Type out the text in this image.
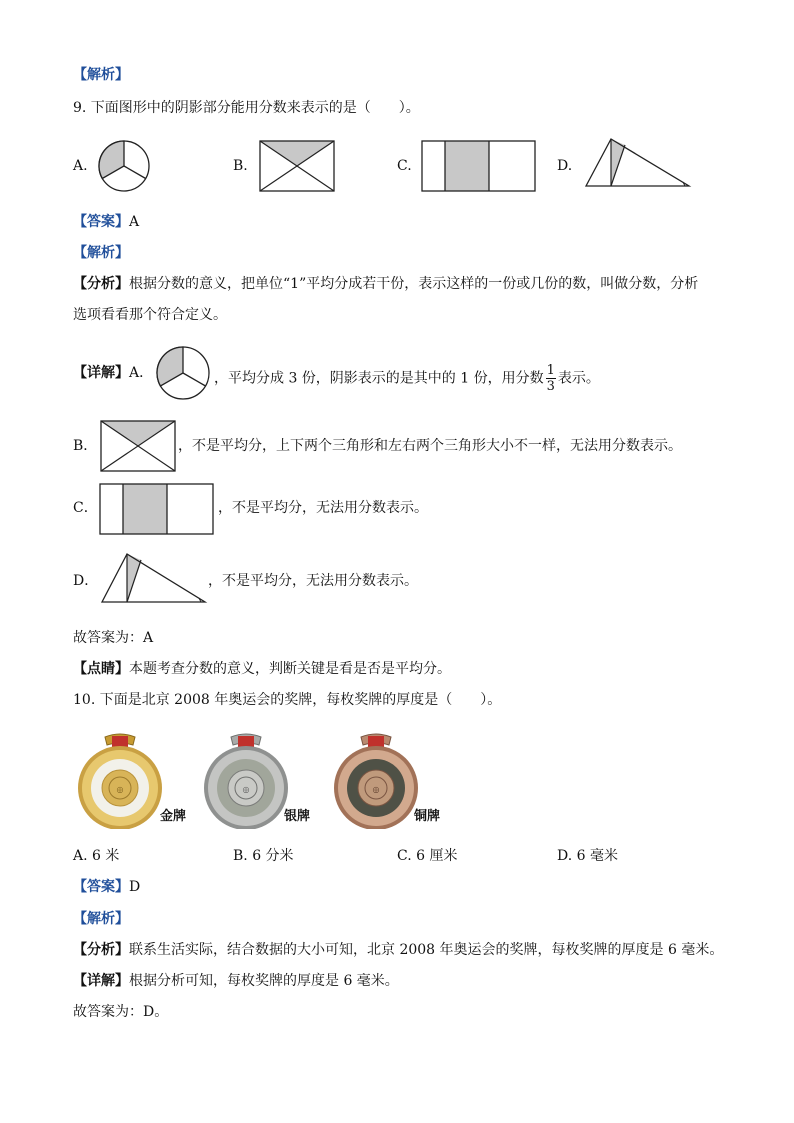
【解析】
9. 下面图形中的阴影部分能用分数来表示的是（　　）。
A.	B.	C.	D.
【答案】A
【解析】
【分析】根据分数的意义，把单位“1”平均分成若干份，表示这样的一份或几份的数，叫做分数，分析
选项看看那个符合定义。
【详解】A．	，平均分成 3 份，阴影表示的是其中的 1 份，用分数 $\frac{1}{3}$ 表示。
B．	，不是平均分，上下两个三角形和左右两个三角形大小不一样，无法用分数表示。
C．	，不是平均分，无法用分数表示。
D．	，不是平均分，无法用分数表示。
故答案为：A
【点睛】本题考查分数的意义，判断关键是看是否是平均分。
10. 下面是北京 2008 年奥运会的奖牌，每枚奖牌的厚度是（　　）。
◎
金牌
◎
银牌
◎
铜牌
A. 6 米	B. 6 分米	C. 6 厘米	D. 6 毫米
【答案】D
【解析】
【分析】联系生活实际，结合数据的大小可知，北京 2008 年奥运会的奖牌，每枚奖牌的厚度是 6 毫米。
【详解】根据分析可知，每枚奖牌的厚度是 6 毫米。
故答案为：D。
